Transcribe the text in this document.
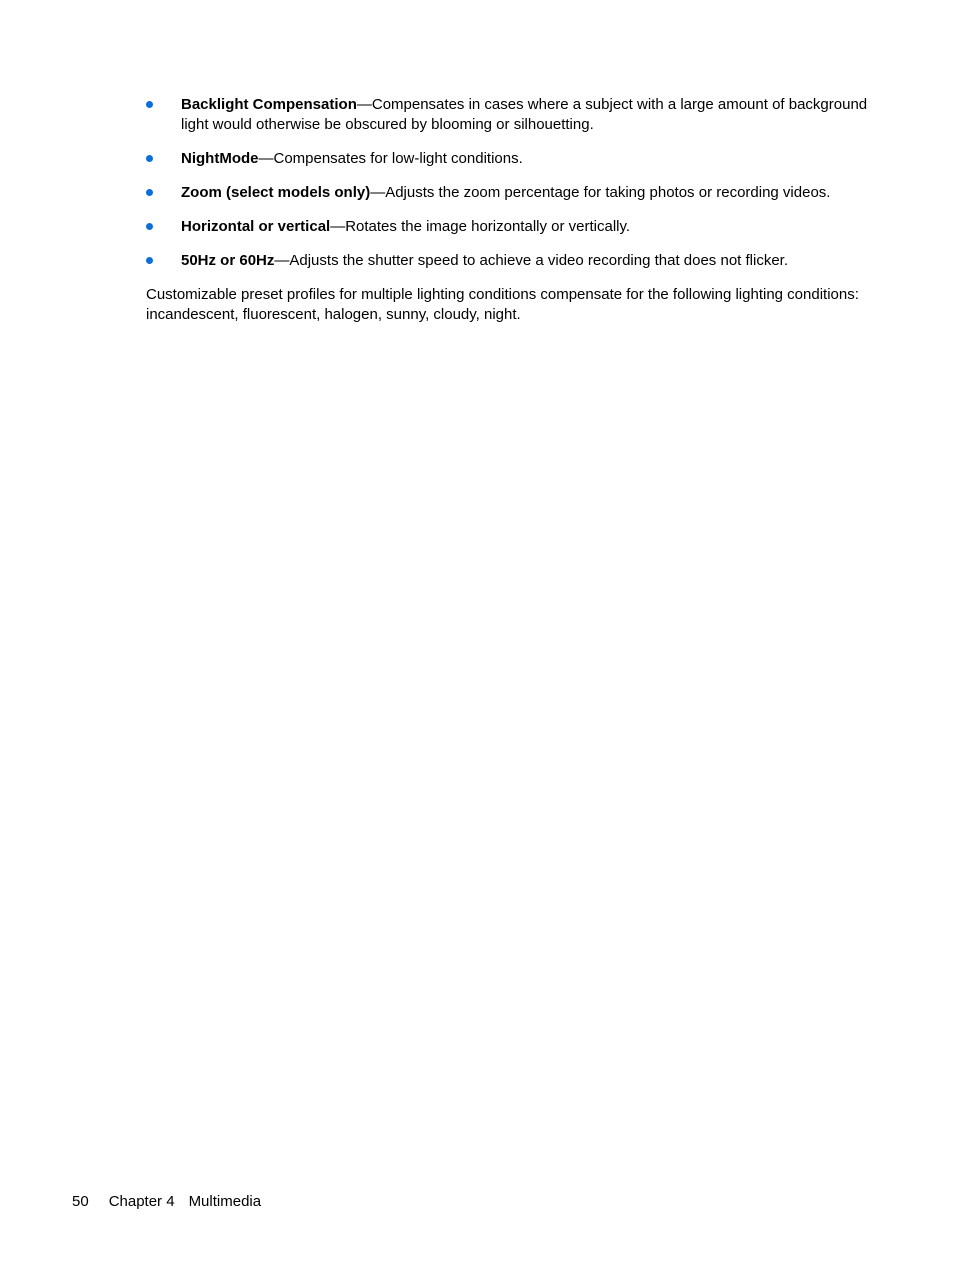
Backlight Compensation—Compensates in cases where a subject with a large amount of background light would otherwise be obscured by blooming or silhouetting.
NightMode—Compensates for low-light conditions.
Zoom (select models only)—Adjusts the zoom percentage for taking photos or recording videos.
Horizontal or vertical—Rotates the image horizontally or vertically.
50Hz or 60Hz—Adjusts the shutter speed to achieve a video recording that does not flicker.

Customizable preset profiles for multiple lighting conditions compensate for the following lighting conditions: incandescent, fluorescent, halogen, sunny, cloudy, night.

50 Chapter 4 Multimedia
